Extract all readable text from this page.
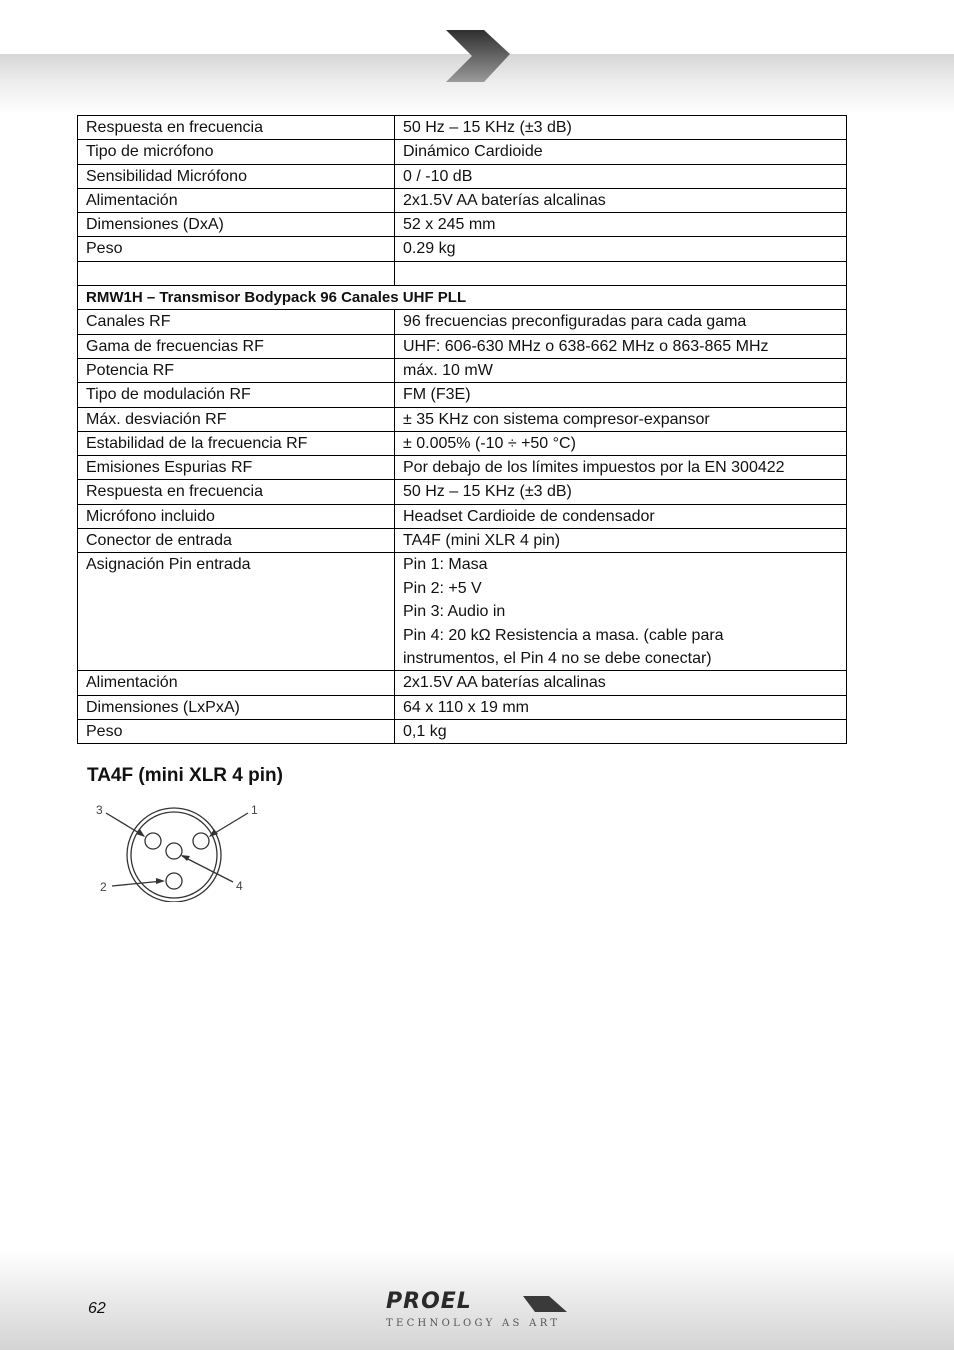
Respuesta en frecuencia	50 Hz – 15 KHz (±3 dB)
Tipo de micrófono	Dinámico Cardioide
Sensibilidad Micrófono	0 / -10 dB
Alimentación	2x1.5V AA baterías alcalinas
Dimensiones (DxA)	52 x 245 mm
Peso	0.29 kg

RMW1H – Transmisor Bodypack 96 Canales UHF PLL	
Canales RF	96 frecuencias preconfiguradas para cada gama
Gama de frecuencias RF	UHF: 606-630 MHz o 638-662 MHz o 863-865 MHz
Potencia RF	máx. 10 mW
Tipo de modulación RF	FM (F3E)
Máx. desviación RF	± 35 KHz con sistema compresor-expansor
Estabilidad de la frecuencia RF	± 0.005% (-10 ÷ +50 °C)
Emisiones Espurias RF	Por debajo de los límites impuestos por la EN 300422
Respuesta en frecuencia	50 Hz – 15 KHz (±3 dB)
Micrófono incluido	Headset Cardioide de condensador
Conector de entrada	TA4F (mini XLR 4 pin)
Asignación Pin entrada	Pin 1: Masa
Pin 2: +5 V
Pin 3: Audio in
Pin 4: 20 kΩ Resistencia a masa. (cable para
instrumentos, el Pin 4 no se debe conectar)

Alimentación	2x1.5V AA baterías alcalinas
Dimensiones (LxPxA)	64 x 110 x 19 mm
Peso	0,1 kg
TA4F (mini XLR 4 pin)
3	1
2	4
62	PROEL
TECHNOLOGY AS ART
